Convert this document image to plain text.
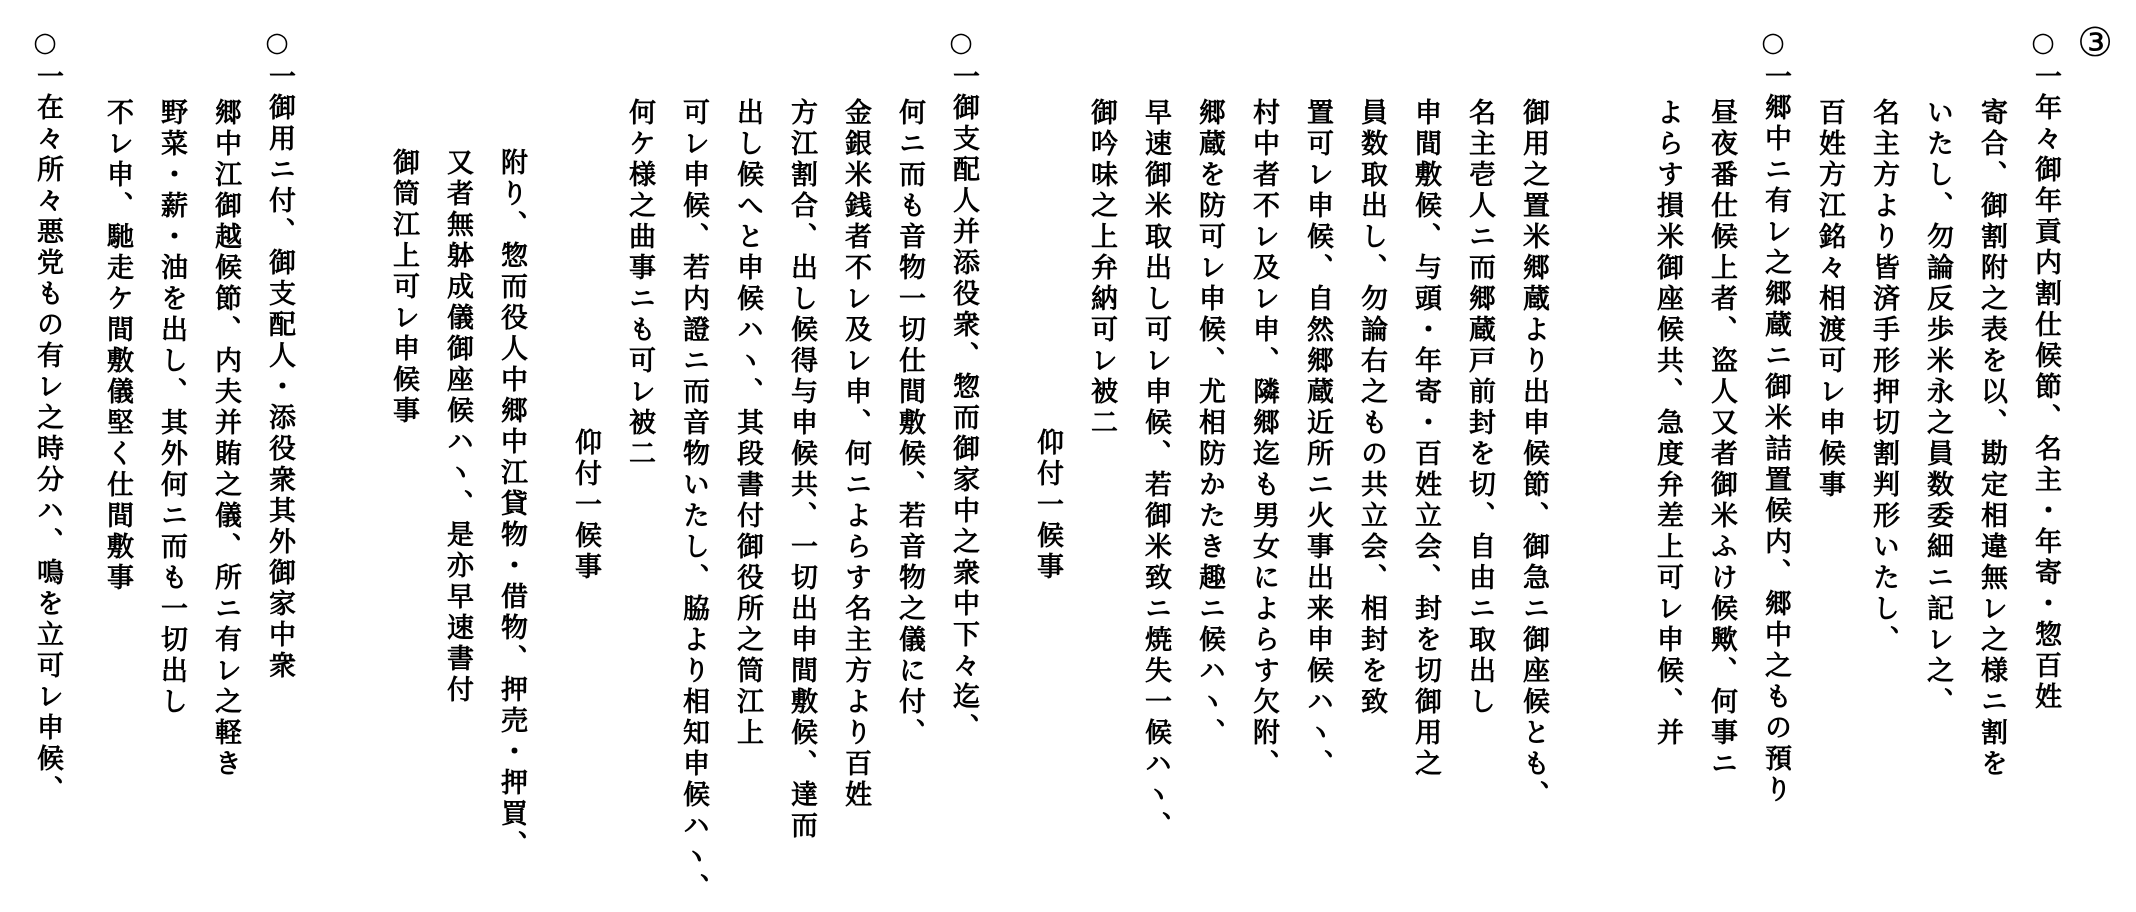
③
○
○
○
○
○
一年々御年貢内割仕候節、名主・年寄・惣百姓
寄合、御割附之表を以、勘定相違無レ之様ニ割を
いたし、勿論反歩米永之員数委細ニ記レ之、
名主方より皆済手形押切割判形いたし、
百姓方江銘々相渡可レ申候事
一郷中ニ有レ之郷蔵ニ御米詰置候内、郷中之もの預り
昼夜番仕候上者、盗人又者御米ふけ候歟、何事ニ
よらす損米御座候共、急度弁差上可レ申候、并
御用之置米郷蔵より出申候節、御急ニ御座候とも、
名主壱人ニ而郷蔵戸前封を切、自由ニ取出し
申間敷候、与頭・年寄・百姓立会、封を切御用之
員数取出し、勿論右之もの共立会、相封を致
置可レ申候、自然郷蔵近所ニ火事出来申候ハヽ、
村中者不レ及レ申、隣郷迄も男女によらす欠附、
郷蔵を防可レ申候、尤相防かたき趣ニ候ハヽ、
早速御米取出し可レ申候、若御米致ニ焼失一候ハヽ、
御吟味之上弁納可レ被二
仰付一候事
一御支配人并添役衆、惣而御家中之衆中下々迄、
何ニ而も音物一切仕間敷候、若音物之儀に付、
金銀米銭者不レ及レ申、何ニよらす名主方より百姓
方江割合、出し候得与申候共、一切出申間敷候、達而
出し候へと申候ハヽ、其段書付御役所之筒江上
可レ申候、若内證ニ而音物いたし、脇より相知申候ハヽ、
何ケ様之曲事ニも可レ被二
仰付一候事
附り、惣而役人中郷中江貸物・借物、押売・押買、
又者無躰成儀御座候ハヽ、是亦早速書付
御筒江上可レ申候事
一御用ニ付、御支配人・添役衆其外御家中衆
郷中江御越候節、内夫并賄之儀、所ニ有レ之軽き
野菜・薪・油を出し、其外何ニ而も一切出し
不レ申、馳走ケ間敷儀堅く仕間敷事
一在々所々悪党もの有レ之時分ハ、鳴を立可レ申候、
